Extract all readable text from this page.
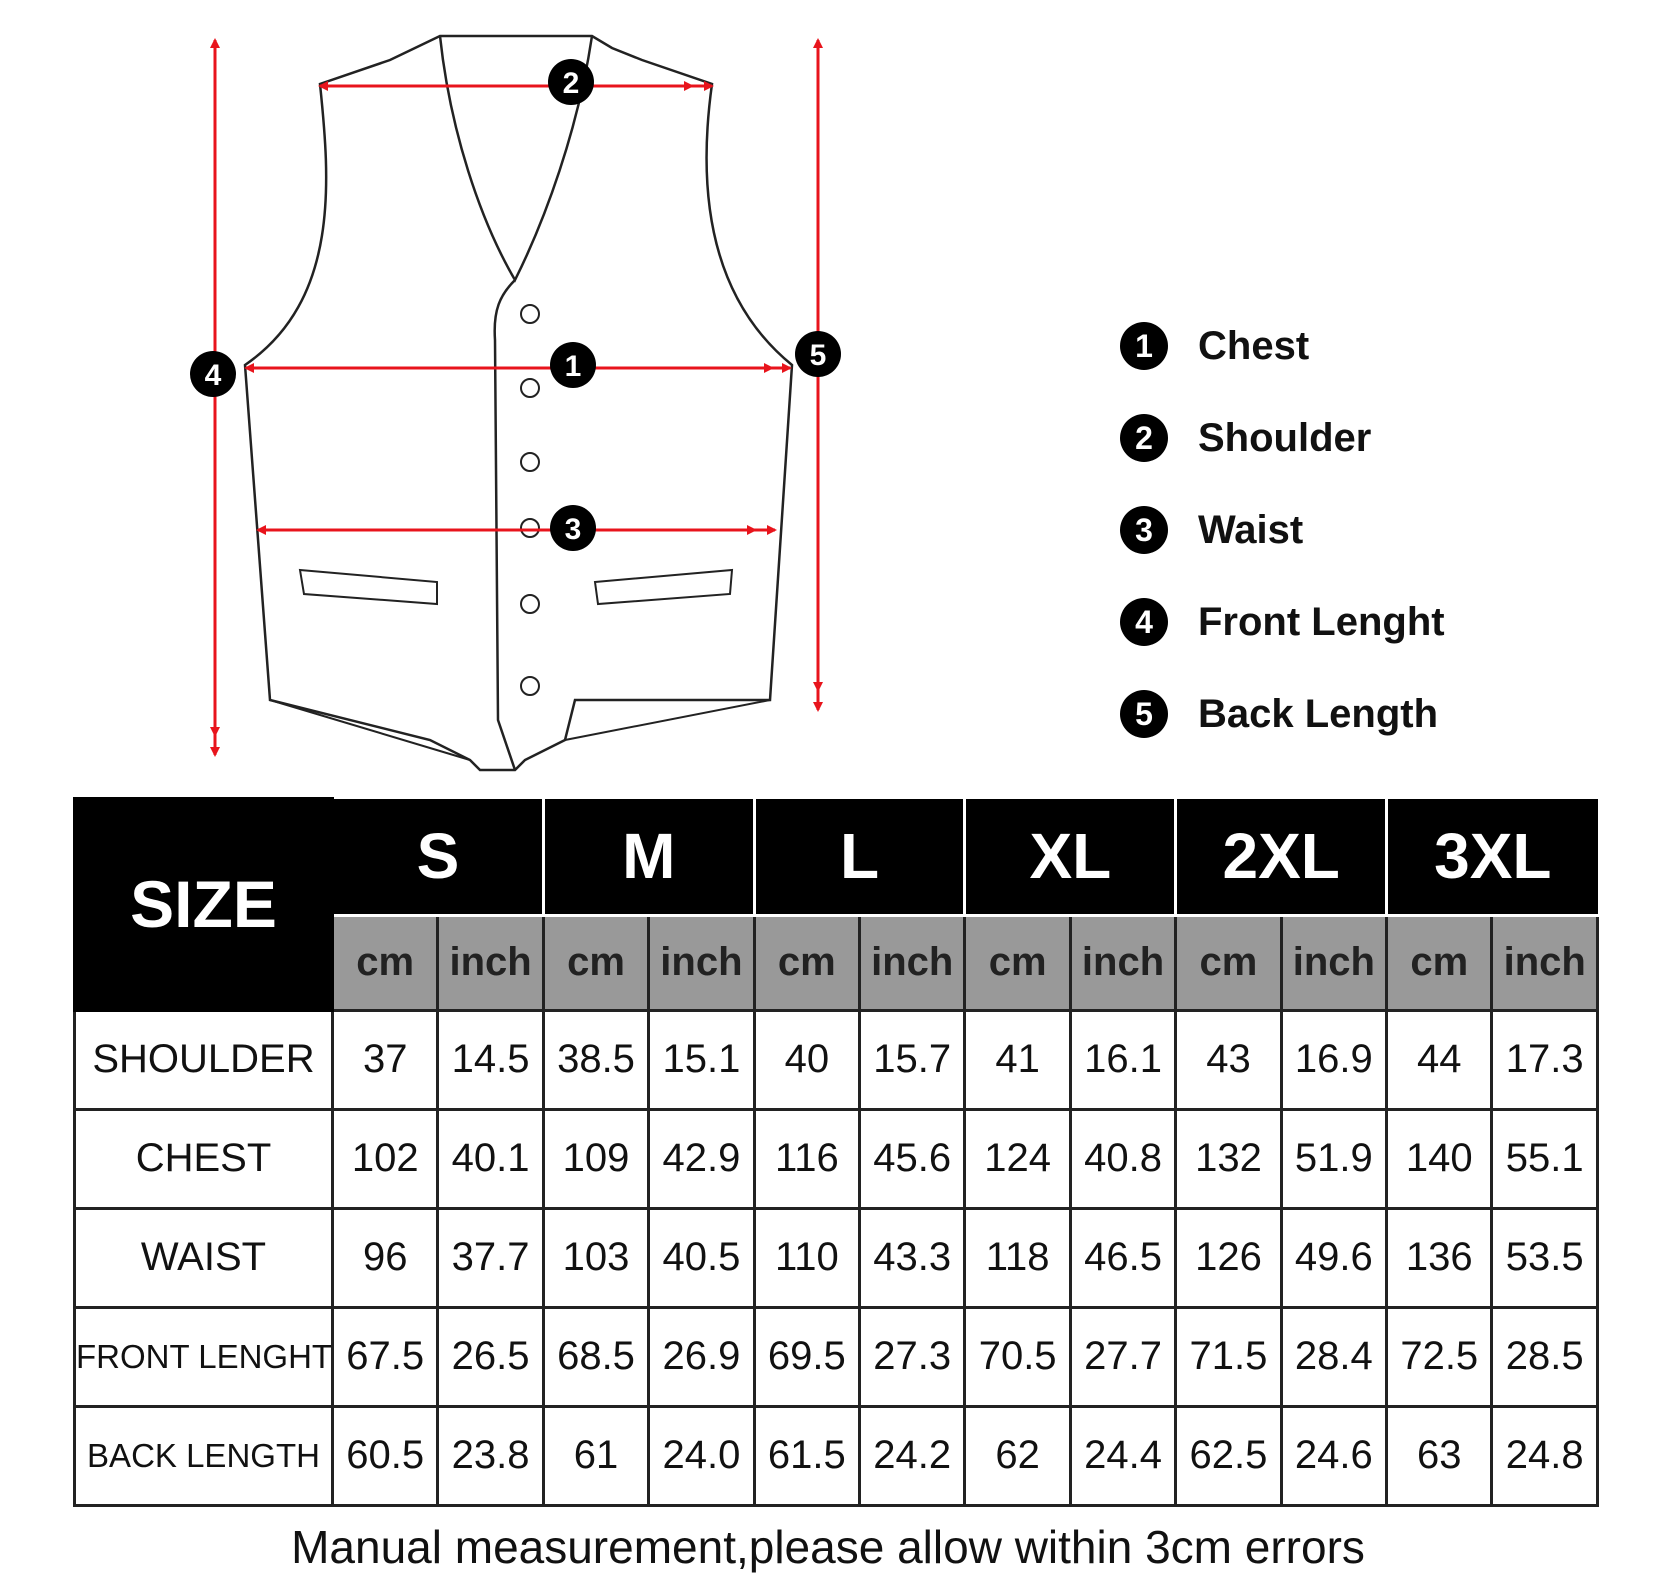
2
1
3
4
5	1	Chest
2	Shoulder
3	Waist
4	Front Lenght
5	Back Length
SIZE	S		M		L		XL		2XL		3XL	
	cm	inch	cm	inch	cm	inch	cm	inch	cm	inch	cm	inch
SHOULDER	37	14.5	38.5	15.1	40	15.7	41	16.1	43	16.9	44	17.3
CHEST	102	40.1	109	42.9	116	45.6	124	40.8	132	51.9	140	55.1
WAIST	96	37.7	103	40.5	110	43.3	118	46.5	126	49.6	136	53.5
FRONT LENGHT	67.5	26.5	68.5	26.9	69.5	27.3	70.5	27.7	71.5	28.4	72.5	28.5
BACK LENGTH	60.5	23.8	61	24.0	61.5	24.2	62	24.4	62.5	24.6	63	24.8
Manual measurement,please allow within 3cm errors
